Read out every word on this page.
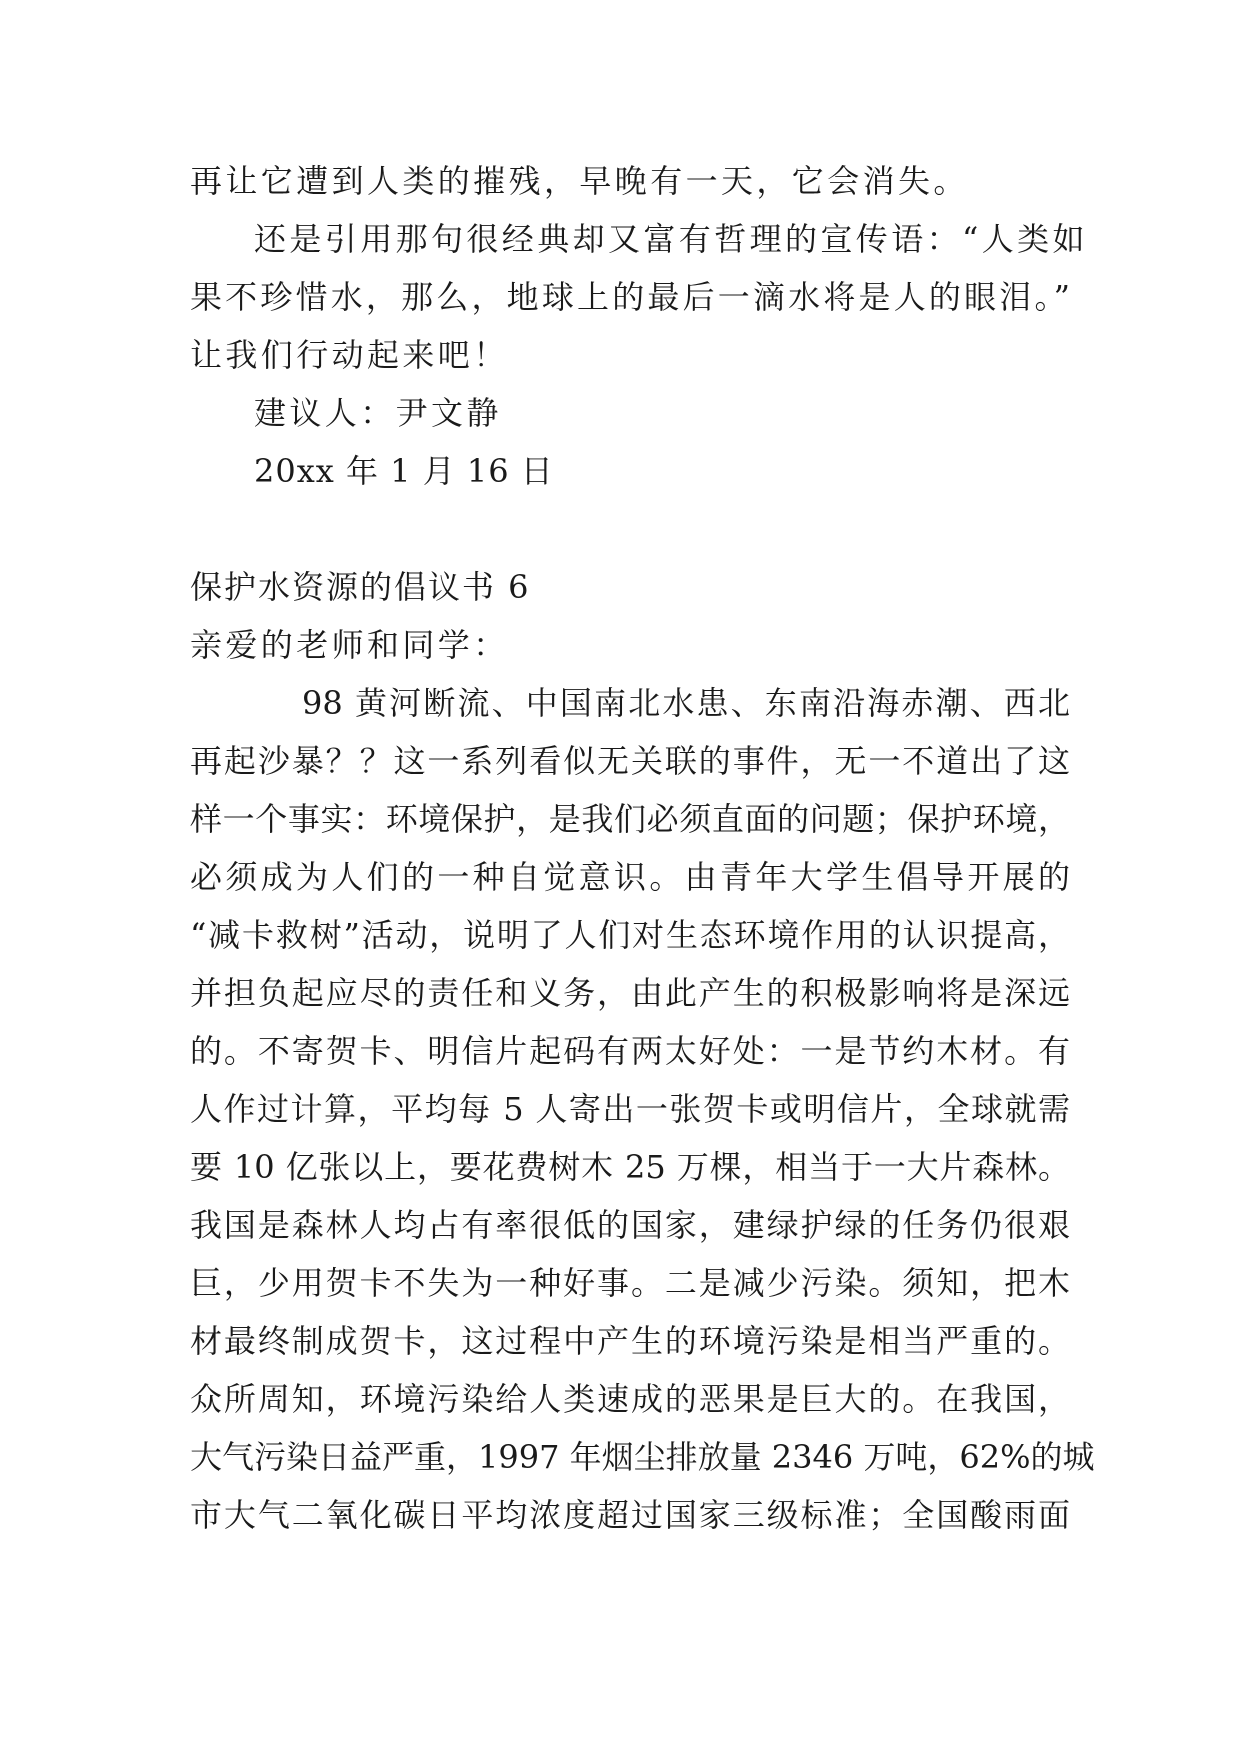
再让它遭到人类的摧残，早晚有一天，它会消失。
还是引用那句很经典却又富有哲理的宣传语：“人类如
果不珍惜水，那么，地球上的最后一滴水将是人的眼泪。”
让我们行动起来吧！
建议人：尹文静
20xx 年 1 月 16 日
保护水资源的倡议书 6
亲爱的老师和同学：
98 黄河断流、中国南北水患、东南沿海赤潮、西北
再起沙暴？？这一系列看似无关联的事件，无一不道出了这
样一个事实：环境保护，是我们必须直面的问题；保护环境，
必须成为人们的一种自觉意识。由青年大学生倡导开展的
“减卡救树”活动，说明了人们对生态环境作用的认识提高，
并担负起应尽的责任和义务，由此产生的积极影响将是深远
的。不寄贺卡、明信片起码有两太好处：一是节约木材。有
人作过计算，平均每 5 人寄出一张贺卡或明信片，全球就需
要 10 亿张以上，要花费树木 25 万棵，相当于一大片森林。
我国是森林人均占有率很低的国家，建绿护绿的任务仍很艰
巨，少用贺卡不失为一种好事。二是减少污染。须知，把木
材最终制成贺卡，这过程中产生的环境污染是相当严重的。
众所周知，环境污染给人类速成的恶果是巨大的。在我国，
大气污染日益严重，1997 年烟尘排放量 2346 万吨，62%的城
市大气二氧化碳日平均浓度超过国家三级标准；全国酸雨面
